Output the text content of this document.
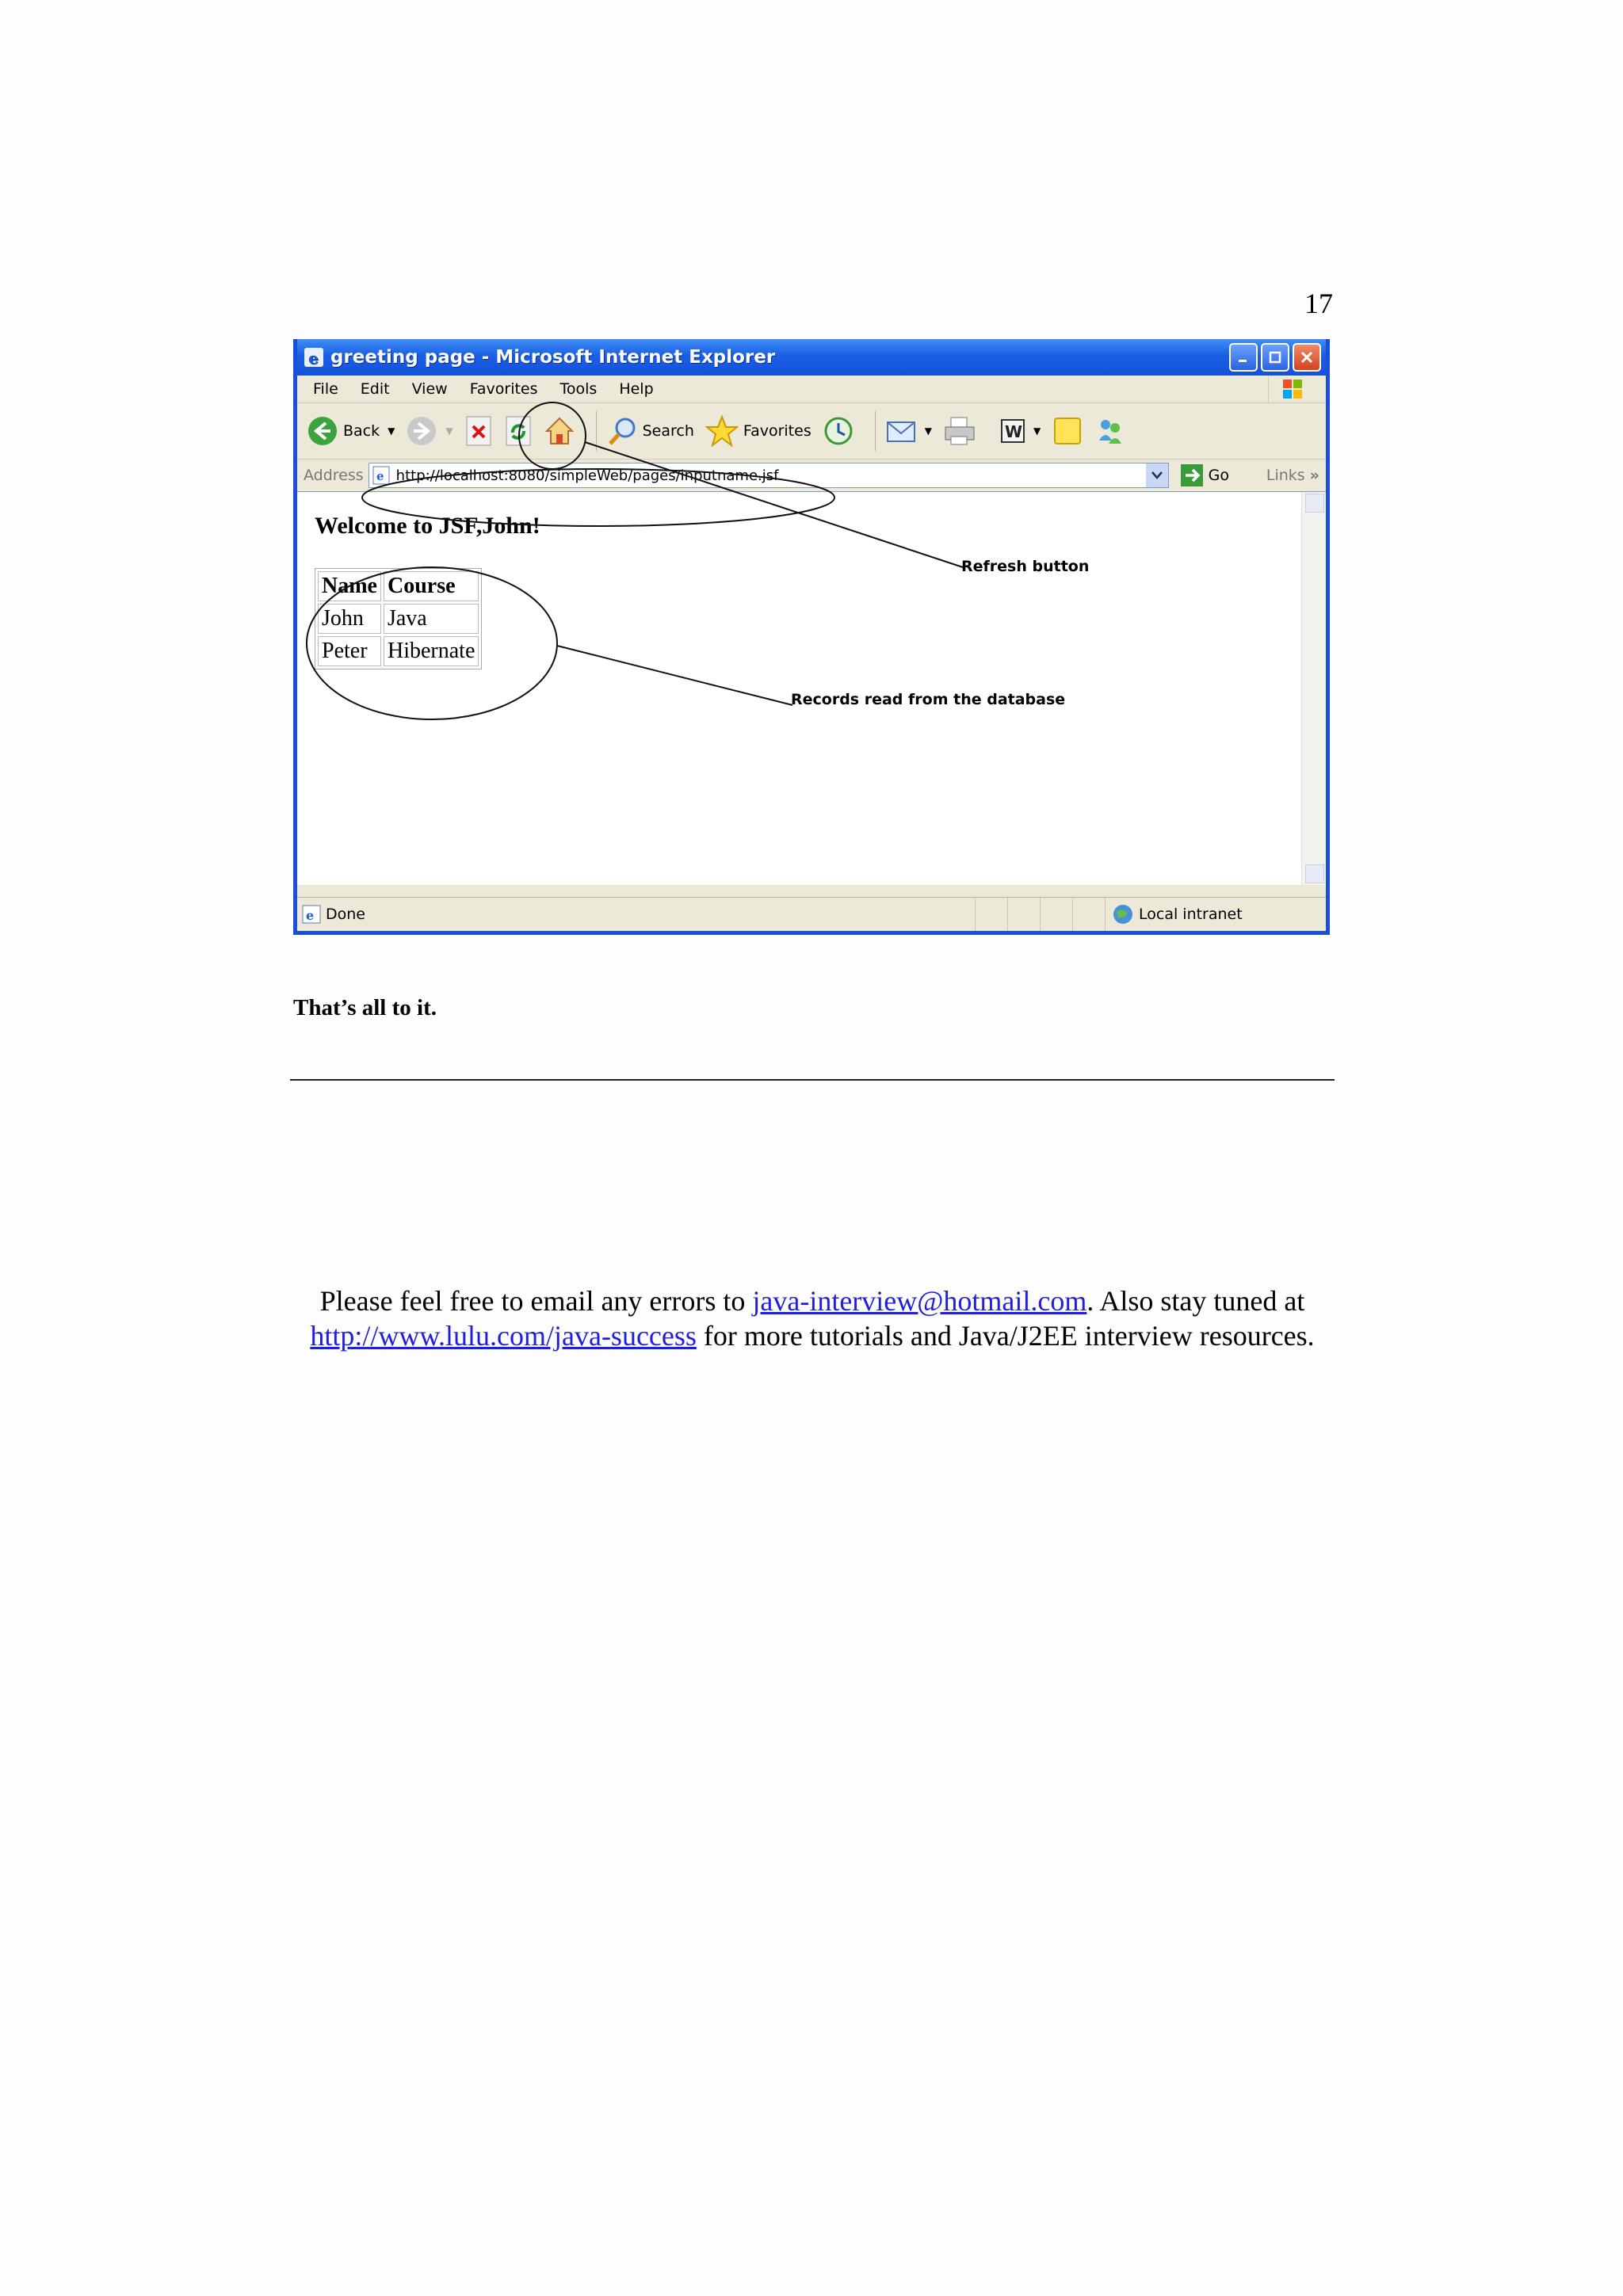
17
e greeting page - Microsoft Internet Explorer
File Edit View Favorites Tools Help
Back ▼	▼	Search	Favorites	▼	W ▼
Address e
http://localhost:8080/simpleWeb/pages/inputname.jsf	Go Links »
Welcome to JSF,John!
Name	Course
John	Java
Peter	Hibernate
e Done	Local intranet
Refresh button
Records read from the database
That’s all to it.
Please feel free to email any errors to java-interview@hotmail.com. Also stay tuned at http://www.lulu.com/java-success for more tutorials and Java/J2EE interview resources.
